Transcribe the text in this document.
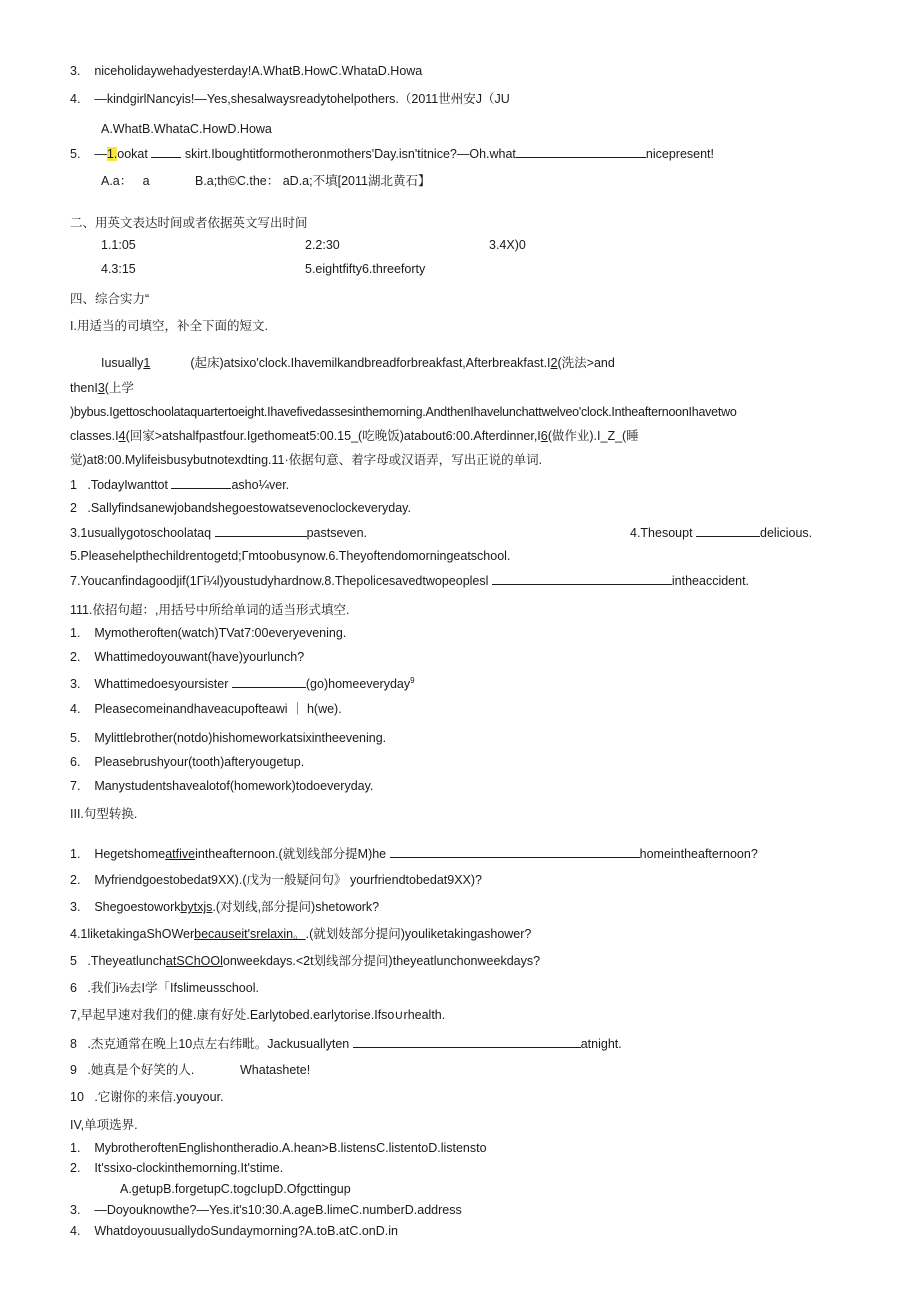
3.    niceholidaywehadyesterday!A.WhatB.HowC.WhataD.Howa
4.    —kindgirlNancyis!—Yes,shesalwaysreadytohelpothers.（2011世州安J（JU
A.WhatB.WhataC.HowD.Howa
5.    —1.ookat	skirt.Iboughtitformotheronmothers'Day.isn'titnice?—Oh.what	nicepresent!
A.a：   a	B.a;th©C.the： aD.a;不填[2011湖北黄石】
二、用英文表达时间或者依据英文写出时间
1.1:05	2.2:30	3.4X)0
4.3:15	5.eightfifty6.threeforty
四、综合实力“
I.用适当的司填空，补全下面的短文.
Iusually1	(起床)atsixo'clock.Ihavemilkandbreadforbreakfast,Afterbreakfast.I2(洗法>and
thenI3(上学
)bybus.Igettoschoolataquartertoeight.Ihavefivedassesinthemorning.AndthenIhavelunchattwelveo'clock.IntheafternoonIhavetwo
classes.I4(回家>atshalfpastfour.Igethomeat5:00.15_(吃晚饭)atabout6:00.Afterdinner,I6(做作业).I_Z_(睡
觉)at8:00.Mylifeisbusybutnotexdting.11·依据句意、着字母或汉语弄，写出正说的单词.
1   .TodayIwanttot	asho¼ver.
2   .Sallyfindsanewjobandshegoestowatsevenoclockeveryday.
3.1usuallygotoschoolataq	pastseven.	4.Thesoupt	delicious.
5.Pleasehelpthechildrentogetd;Гmtoobusynow.6.Theyoftendomorningeatschool.
7.Youcanfindagoodjif(1Гi¼l)youstudyhardnow.8.Thepolicesavedtwopeoplesl	intheaccident.
111.依招句超：,用括号中所给单词的适当形式填空.
1.    Mymotheroften(watch)TVat7:00everyevening.
2.    Whattimedoyouwant(have)yourlunch?
3.    Whattimedoesyoursister	(go)homeeveryday$^9$
4.    Pleasecomeinandhaveacupofteawi ｜ h(we).
5.    Mylittlebrother(notdo)hishomeworkatsixintheevening.
6.    Pleasebrushyour(tooth)afteryougetup.
7.    Manystudentshavealotof(homework)todoeveryday.
III.句型转换.
1.    Hegetshomeatfiveintheafternoon.(就划线部分提M)he	homeintheafternoon?
2.    Myfriendgoestobedat9XX).(戊为一般疑问句》 yourfriendtobedat9XX)?
3.    Shegoestoworkbytxjs.(对划线,部分提问)shetowork?
4.1liketakingaShOWerbecauseit'srelaxin。.(就划妓部分提问)youliketakingashower?
5   .TheyeatlunchatSChOOlonweekdays.<2t划线部分提问)theyeatlunchonweekdays?
6   .我们i⅛去I学「Ifslimeusschool.
7,早起早速对我们的健.康有好处.Earlytobed.earlytorise.Ifso∪rhealth.
8   .杰克通常在晚上10点左右纬毗。Jackusuallyten	atnight.
9   .她真是个好笑的人.	Whatashete!
10   .它谢你的来信.youyour.
IV,单项选界.
1.    MybrotheroftenEnglishontheradio.A.hean>B.listensC.listentoD.listensto
2.    It'ssixo-clockinthemorning.It'stime.
A.getupB.forgetupC.togcIupD.Ofgcttingup
3.    —Doyouknowthe?—Yes.it's10:30.A.ageB.limeC.numberD.address
4.    WhatdoyouusuallydoSundaymorning?A.toB.atC.onD.in
